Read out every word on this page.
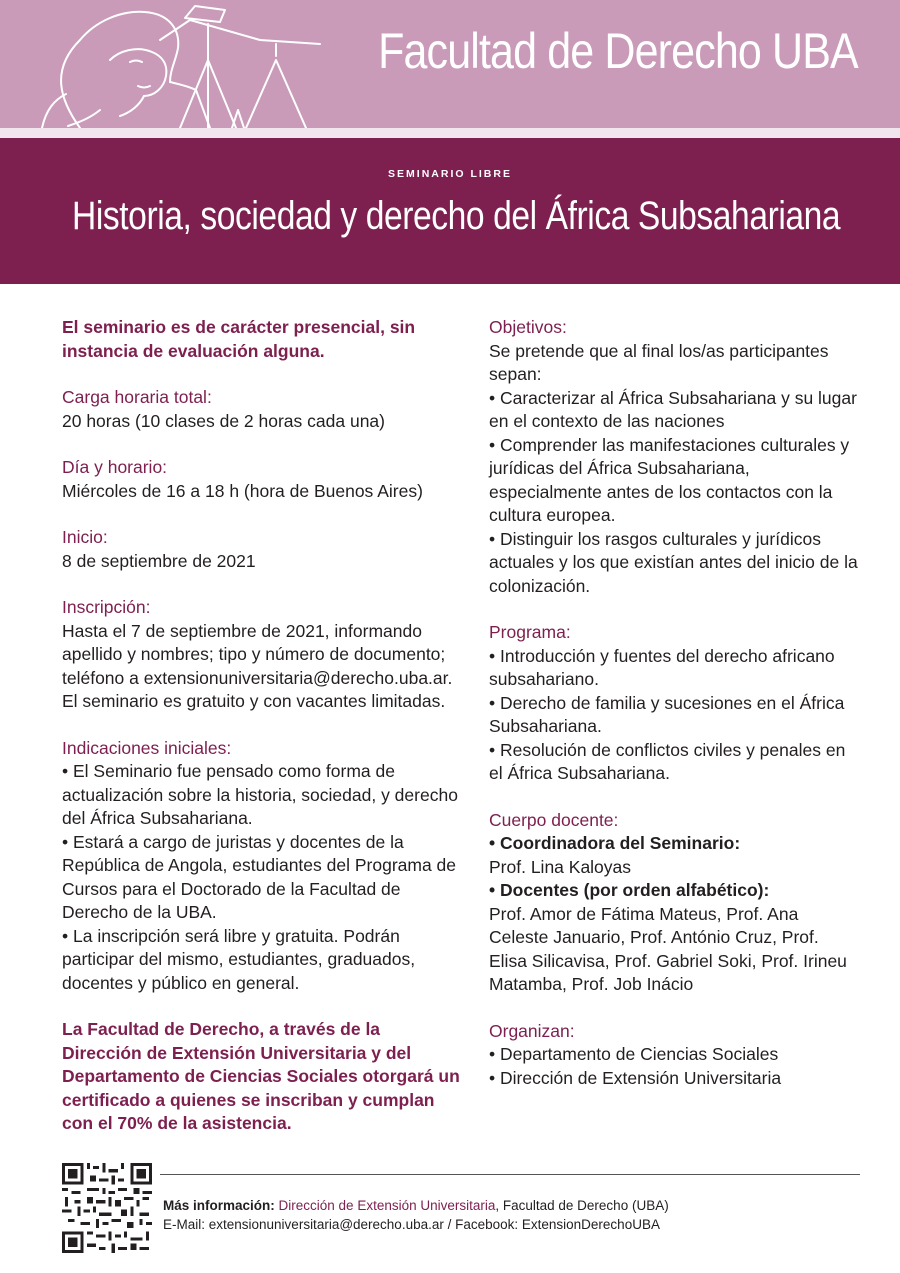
Facultad de Derecho UBA
SEMINARIO LIBRE
Historia, sociedad y derecho del África Subsahariana
El seminario es de carácter presencial, sin instancia de evaluación alguna.
Carga horaria total:
20 horas (10 clases de 2 horas cada una)
Día y horario:
Miércoles de 16 a 18 h (hora de Buenos Aires)
Inicio:
8 de septiembre de 2021
Inscripción:
Hasta el 7 de septiembre de 2021, informando apellido y nombres; tipo y número de documento; teléfono a extensionuniversitaria@derecho.uba.ar.
El seminario es gratuito y con vacantes limitadas.
Indicaciones iniciales:
• El Seminario fue pensado como forma de actualización sobre la historia, sociedad, y derecho del África Subsahariana.
• Estará a cargo de juristas y docentes de la República de Angola, estudiantes del Programa de Cursos para el Doctorado de la Facultad de Derecho de la UBA.
• La inscripción será libre y gratuita. Podrán participar del mismo, estudiantes, graduados, docentes y público en general.
La Facultad de Derecho, a través de la Dirección de Extensión Universitaria y del Departamento de Ciencias Sociales otorgará un certificado a quienes se inscriban y cumplan con el 70% de la asistencia.
Objetivos:
Se pretende que al final los/as participantes sepan:
• Caracterizar al África Subsahariana y su lugar en el contexto de las naciones
• Comprender las manifestaciones culturales y jurídicas del África Subsahariana, especialmente antes de los contactos con la cultura europea.
• Distinguir los rasgos culturales y jurídicos actuales y los que existían antes del inicio de la colonización.
Programa:
• Introducción y fuentes del derecho africano subsahariano.
• Derecho de familia y sucesiones en el África Subsahariana.
• Resolución de conflictos civiles y penales en el África Subsahariana.
Cuerpo docente:
• Coordinadora del Seminario:
Prof. Lina Kaloyas
• Docentes (por orden alfabético):
Prof. Amor de Fátima Mateus, Prof. Ana Celeste Januario, Prof. António Cruz, Prof. Elisa Silicavisa, Prof. Gabriel Soki, Prof. Irineu Matamba, Prof. Job Inácio
Organizan:
• Departamento de Ciencias Sociales
• Dirección de Extensión Universitaria
Más información: Dirección de Extensión Universitaria, Facultad de Derecho (UBA)
E-Mail: extensionuniversitaria@derecho.uba.ar / Facebook: ExtensionDerechoUBA
